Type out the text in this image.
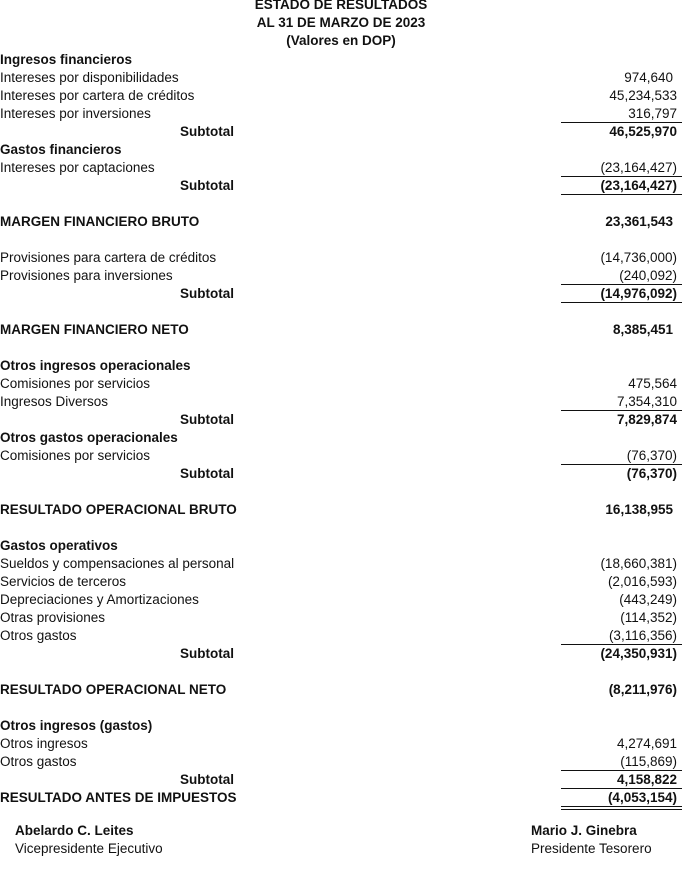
ESTADO DE RESULTADOS
AL 31 DE MARZO DE 2023
(Valores en DOP)
Ingresos financieros
Intereses por disponibilidades	974,640
Intereses por cartera de créditos	45,234,533
Intereses por inversiones	316,797
Subtotal	46,525,970
Gastos financieros
Intereses por captaciones	(23,164,427)
Subtotal	(23,164,427)
MARGEN FINANCIERO BRUTO	23,361,543
Provisiones para cartera de créditos	(14,736,000)
Provisiones para inversiones	(240,092)
Subtotal	(14,976,092)
MARGEN FINANCIERO NETO	8,385,451
Otros ingresos operacionales
Comisiones por servicios	475,564
Ingresos Diversos	7,354,310
Subtotal	7,829,874
Otros gastos operacionales
Comisiones por servicios	(76,370)
Subtotal	(76,370)
RESULTADO OPERACIONAL BRUTO	16,138,955
Gastos operativos
Sueldos y compensaciones al personal	(18,660,381)
Servicios de terceros	(2,016,593)
Depreciaciones y Amortizaciones	(443,249)
Otras provisiones	(114,352)
Otros gastos	(3,116,356)
Subtotal	(24,350,931)
RESULTADO OPERACIONAL NETO	(8,211,976)
Otros ingresos (gastos)
Otros ingresos	4,274,691
Otros gastos	(115,869)
Subtotal	4,158,822
RESULTADO ANTES DE IMPUESTOS	(4,053,154)
Abelardo C. Leites
Vicepresidente Ejecutivo
Mario J. Ginebra
Presidente Tesorero
